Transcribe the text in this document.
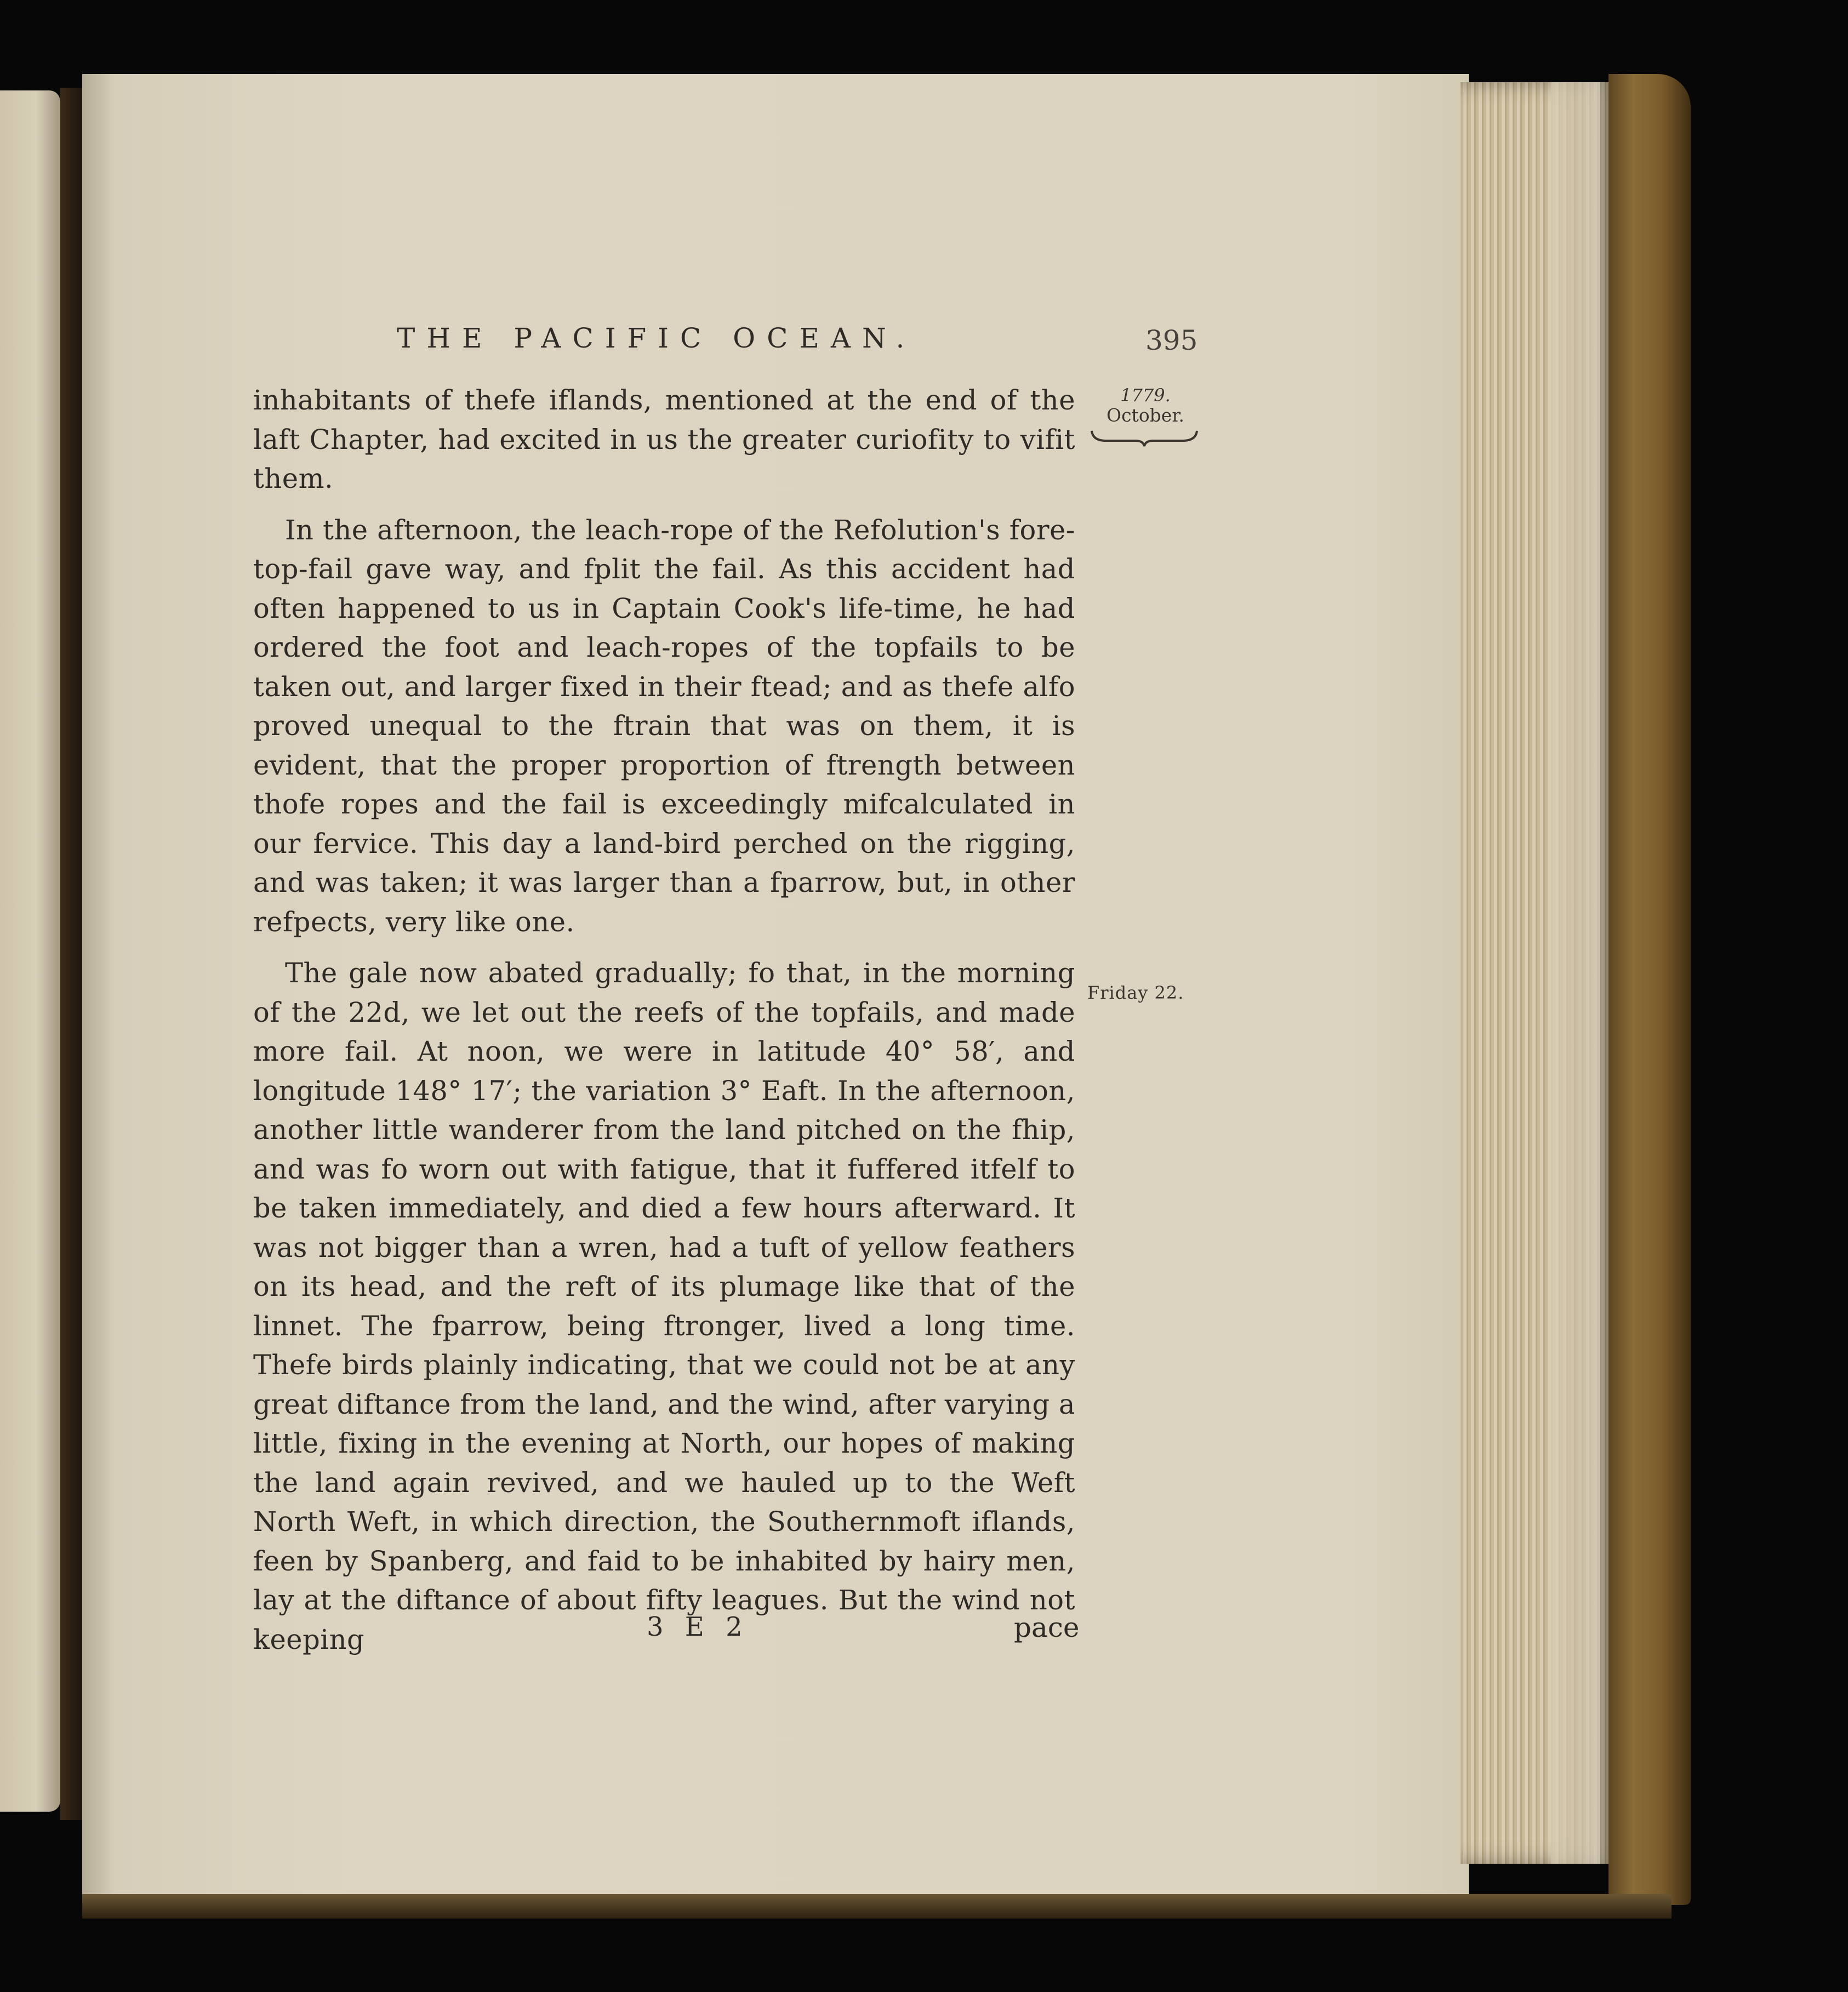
THE PACIFIC OCEAN.	395
1779.
October.
Friday 22.

inhabitants of thefe iflands, mentioned at the end of the laft Chapter, had excited in us the greater curiofity to vifit them.

In the afternoon, the leach-rope of the Refolution's fore-top-fail gave way, and fplit the fail. As this accident had often happened to us in Captain Cook's life-time, he had ordered the foot and leach-ropes of the topfails to be taken out, and larger fixed in their ftead; and as thefe alfo proved unequal to the ftrain that was on them, it is evident, that the proper proportion of ftrength between thofe ropes and the fail is exceedingly mifcalculated in our fervice. This day a land-bird perched on the rigging, and was taken; it was larger than a fparrow, but, in other refpects, very like one.

The gale now abated gradually; fo that, in the morning of the 22d, we let out the reefs of the topfails, and made more fail. At noon, we were in latitude 40° 58′, and longitude 148° 17′; the variation 3° Eaft. In the afternoon, another little wanderer from the land pitched on the fhip, and was fo worn out with fatigue, that it fuffered itfelf to be taken immediately, and died a few hours afterward. It was not bigger than a wren, had a tuft of yellow feathers on its head, and the reft of its plumage like that of the linnet. The fparrow, being ftronger, lived a long time. Thefe birds plainly indicating, that we could not be at any great diftance from the land, and the wind, after varying a little, fixing in the evening at North, our hopes of making the land again revived, and we hauled up to the Weft North Weft, in which direction, the Southernmoft iflands, feen by Spanberg, and faid to be inhabited by hairy men, lay at the diftance of about fifty leagues. But the wind not keeping	3 E 2	pace
